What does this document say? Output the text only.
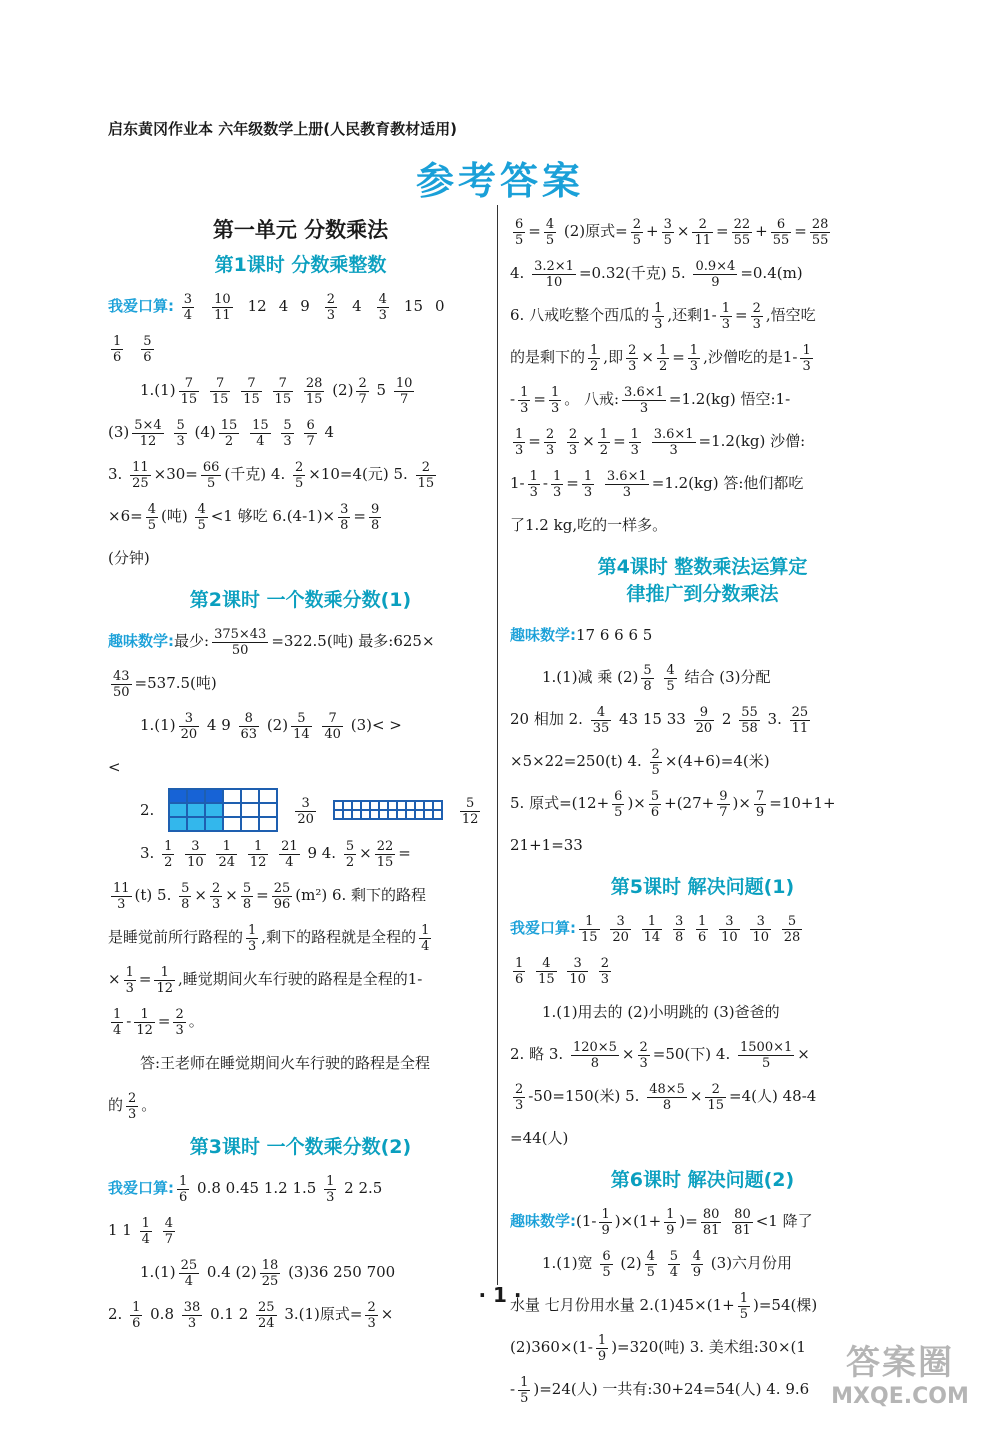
启东黄冈作业本 六年级数学上册(人民教育教材适用)
参考答案
第一单元 分数乘法
第1课时 分数乘整数
我爱口算: $\frac{3}{4} \frac{10}{11} 12$ 4 $9 \frac{2}{3} 4 \frac{4}{3} 15$ 0
$\frac{1}{6} \frac{5}{6}$
$1.(1) \frac{7}{15}$
$\frac{7}{15}$
$\frac{7}{15}$
$\frac{7}{15}$
$\frac{28}{15} (2) \frac{2}{7} 5 \frac{10}{7}$
$(3) \frac{5\times 4}{12}$
$\frac{5}{3} (4) \frac{15}{2}$
$\frac{15}{4}$
$\frac{5}{3}$
$\frac{6}{7} 4$
3. $\frac{11}{25} \times 30= \frac{66}{5}$ (千克) 4. $\frac{2}{5} \times 10=4$(元) 5. $\frac{2}{15}$
$\times 6= \frac{4}{5}$ (吨) $\frac{4}{5} <1$ 够吃 $6.(4-1)\times \frac{3}{8} = \frac{9}{8}$
(分钟)
第2课时 一个数乘分数(1)
趣味数学:最少: $\frac{375\times 43}{50} =322.5$(吨) 最多:625×
$\frac{43}{50} =537.5$(吨)
$1.(1) \frac{3}{20} 4$ $9 \frac{8}{63} (2) \frac{5}{14}$
$\frac{7}{40} (3)<$ >
<
2.	$\frac{3}{20}$	$\frac{5}{12}$
3. $\frac{1}{2}$
$\frac{3}{10}$
$\frac{1}{24}$
$\frac{1}{12}$
$\frac{21}{4} 9$ 4. $\frac{5}{2} \times \frac{22}{15}$ =
$\frac{11}{3} (t)$ 5. $\frac{5}{8} \times \frac{2}{3} \times \frac{5}{8} = \frac{25}{96} (m^2)$ 6. 剩下的路程
是睡觉前所行路程的 $\frac{1}{3}$ ,剩下的路程就是全程的 $\frac{1}{4}$
× $\frac{1}{3} = \frac{1}{12}$ ,睡觉期间火车行驶的路程是全程的1-
$\frac{1}{4} - \frac{1}{12} = \frac{2}{3}$ 。
答:王老师在睡觉期间火车行驶的路程是全程
的 $\frac{2}{3}$ 。
第3课时 一个数乘分数(2)
我爱口算: $\frac{1}{6} 0.8$ 0.45 1.2 $1.5 \frac{1}{3} 2$ 2.5
1 $1 \frac{1}{4}$
$\frac{4}{7}$
$1.(1) \frac{25}{4} 0.4$ $(2) \frac{18}{25} (3)36$ 250 700
2. $\frac{1}{6} 0.8 \frac{38}{3} 0.1$ $2 \frac{25}{24} 3.(1)$原式= $\frac{2}{3}$ ×
$\frac{6}{5} = \frac{4}{5} (2)$原式= $\frac{2}{5} + \frac{3}{5} \times \frac{2}{11} = \frac{22}{55} + \frac{6}{55} = \frac{28}{55}$
4. $\frac{3.2\times 1}{10} =0.32$(千克) 5. $\frac{0.9\times 4}{9} =0.4(m)$
6. 八戒吃整个西瓜的 $\frac{1}{3}$ ,还剩$1- \frac{1}{3} = \frac{2}{3}$ ,悟空吃
的是剩下的 $\frac{1}{2}$ ,即 $\frac{2}{3} \times \frac{1}{2} = \frac{1}{3}$ ,沙僧吃的是$1- \frac{1}{3}$
- $\frac{1}{3} = \frac{1}{3}$ 。 八戒: $\frac{3.6\times 1}{3} =1.2(kg)$ 悟空:1-
$\frac{1}{3} = \frac{2}{3}$
$\frac{2}{3} \times \frac{1}{2} = \frac{1}{3}$
$\frac{3.6\times 1}{3} =1.2(kg)$ 沙僧:
$1- \frac{1}{3} - \frac{1}{3} = \frac{1}{3}$
$\frac{3.6\times 1}{3} =1.2(kg)$ 答:他们都吃
了1.2 kg,吃的一样多。
第4课时 整数乘法运算定
律推广到分数乘法
趣味数学:17 6 6 6 5
1.(1)减 乘 $(2) \frac{5}{8}$
$\frac{4}{5}$ 结合 (3)分配
20 相加 2. $\frac{4}{35} 43$ 15 $33 \frac{9}{20} 2 \frac{55}{58} 3$. $\frac{25}{11}$
×5×22=250(t) 4. $\frac{2}{5} \times(4+6)=4$(米)
5. 原式$=(12+ \frac{6}{5}$ )× $\frac{5}{6} +(27+ \frac{9}{7}$ )× $\frac{7}{9} =10+1+$
21+1=33
第5课时 解决问题(1)
我爱口算: $\frac{1}{15}$
$\frac{3}{20}$
$\frac{1}{14}$
$\frac{3}{8}$
$\frac{1}{6}$
$\frac{3}{10}$
$\frac{3}{10}$
$\frac{5}{28}$
$\frac{1}{6}$
$\frac{4}{15}$
$\frac{3}{10}$
$\frac{2}{3}$
1.(1)用去的 (2)小明跳的 (3)爸爸的
2. 略 3. $\frac{120\times 5}{8} \times \frac{2}{3} =50$(下) 4. $\frac{1500\times 1}{5}$ ×
$\frac{2}{3} -50=150$(米) 5. $\frac{48\times 5}{8} \times \frac{2}{15} =4$(人) 48-4
=44(人)
第6课时 解决问题(2)
趣味数学:(1- $\frac{1}{9} )\times(1+ \frac{1}{9}$ )= $\frac{80}{81}$
$\frac{80}{81} <1$ 降了
1.(1)宽 $\frac{6}{5} (2) \frac{4}{5}$
$\frac{5}{4}$
$\frac{4}{9} (3)$六月份用
水量 七月份用水量 $2.(1)45\times(1+ \frac{1}{5} )=54$(棵)
$(2)360\times(1- \frac{1}{9} )=320$(吨) 3. 美术组:30×(1
- $\frac{1}{5} )=24$(人) 一共有:30+24=54(人) 4. 9.6
· 1 ·
答案圈
MXQE.COM
